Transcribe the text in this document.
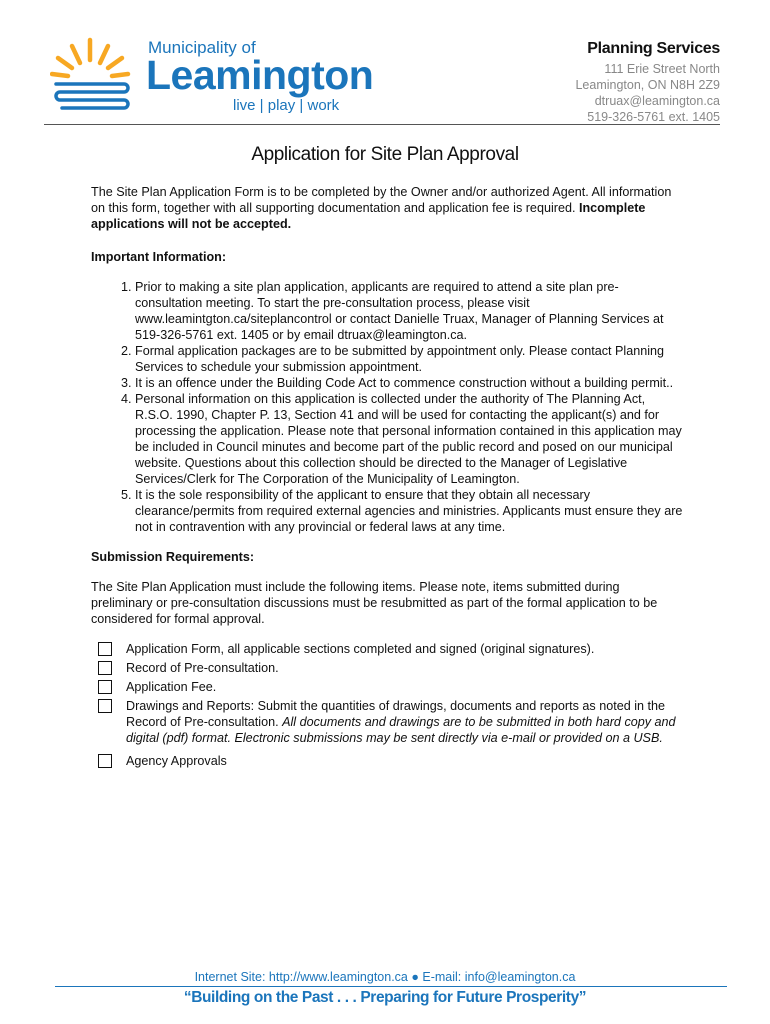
Municipality of
Leamington
live | play | work
Planning Services
111 Erie Street North
Leamington, ON N8H 2Z9
dtruax@leamington.ca
519-326-5761 ext. 1405
Application for Site Plan Approval

The Site Plan Application Form is to be completed by the Owner and/or authorized Agent. All information on this form, together with all supporting documentation and application fee is required. Incomplete applications will not be accepted.

Important Information:

1. Prior to making a site plan application, applicants are required to attend a site plan pre-consultation meeting. To start the pre-consultation process, please visit www.leamintgton.ca/siteplancontrol or contact Danielle Truax, Manager of Planning Services at 519-326-5761 ext. 1405 or by email dtruax@leamington.ca.
2. Formal application packages are to be submitted by appointment only. Please contact Planning Services to schedule your submission appointment.
3. It is an offence under the Building Code Act to commence construction without a building permit..
4. Personal information on this application is collected under the authority of The Planning Act, R.S.O. 1990, Chapter P. 13, Section 41 and will be used for contacting the applicant(s) and for processing the application. Please note that personal information contained in this application may be included in Council minutes and become part of the public record and posed on our municipal website. Questions about this collection should be directed to the Manager of Legislative Services/Clerk for The Corporation of the Municipality of Leamington.
5. It is the sole responsibility of the applicant to ensure that they obtain all necessary clearance/permits from required external agencies and ministries. Applicants must ensure they are not in contravention with any provincial or federal laws at any time.

Submission Requirements:

The Site Plan Application must include the following items. Please note, items submitted during preliminary or pre-consultation discussions must be resubmitted as part of the formal application to be considered for formal approval.

Application Form, all applicable sections completed and signed (original signatures).
Record of Pre-consultation.
Application Fee.
Drawings and Reports: Submit the quantities of drawings, documents and reports as noted in the Record of Pre-consultation. All documents and drawings are to be submitted in both hard copy and digital (pdf) format. Electronic submissions may be sent directly via e-mail or provided on a USB.
Agency Approvals
Internet Site: http://www.leamington.ca ● E-mail: info@leamington.ca
“Building on the Past . . . Preparing for Future Prosperity”
